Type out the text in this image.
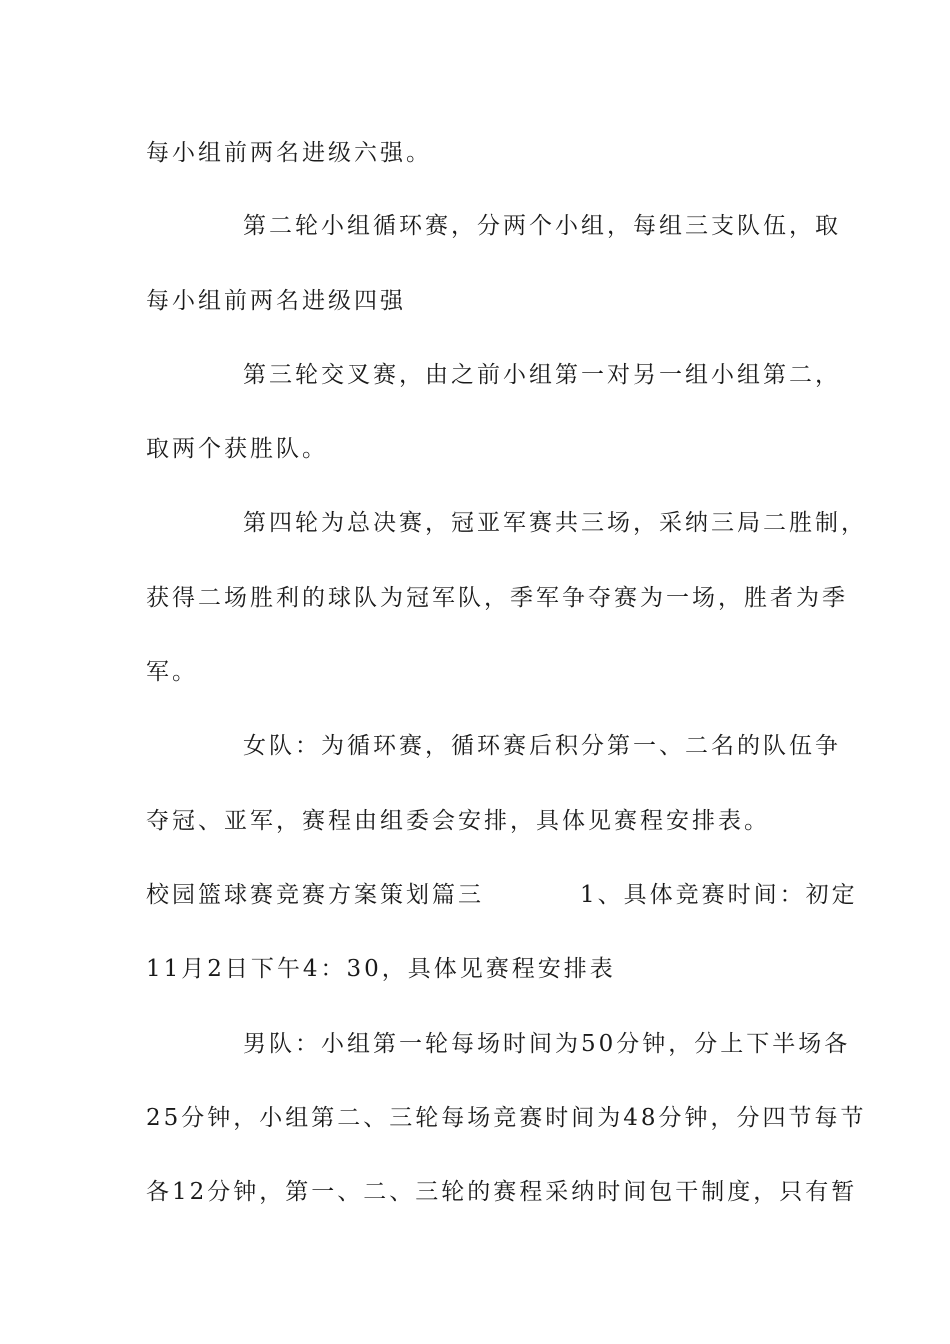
每小组前两名进级六强。
第二轮小组循环赛，分两个小组，每组三支队伍，取
每小组前两名进级四强
第三轮交叉赛，由之前小组第一对另一组小组第二，
取两个获胜队。
第四轮为总决赛，冠亚军赛共三场，采纳三局二胜制，
获得二场胜利的球队为冠军队，季军争夺赛为一场，胜者为季
军。
女队：为循环赛，循环赛后积分第一、二名的队伍争
夺冠、亚军，赛程由组委会安排，具体见赛程安排表。
校园篮球赛竞赛方案策划篇三	1、具体竞赛时间：初定
11月2日下午4：30，具体见赛程安排表
男队：小组第一轮每场时间为50分钟，分上下半场各
25分钟，小组第二、三轮每场竞赛时间为48分钟，分四节每节
各12分钟，第一、二、三轮的赛程采纳时间包干制度，只有暂
